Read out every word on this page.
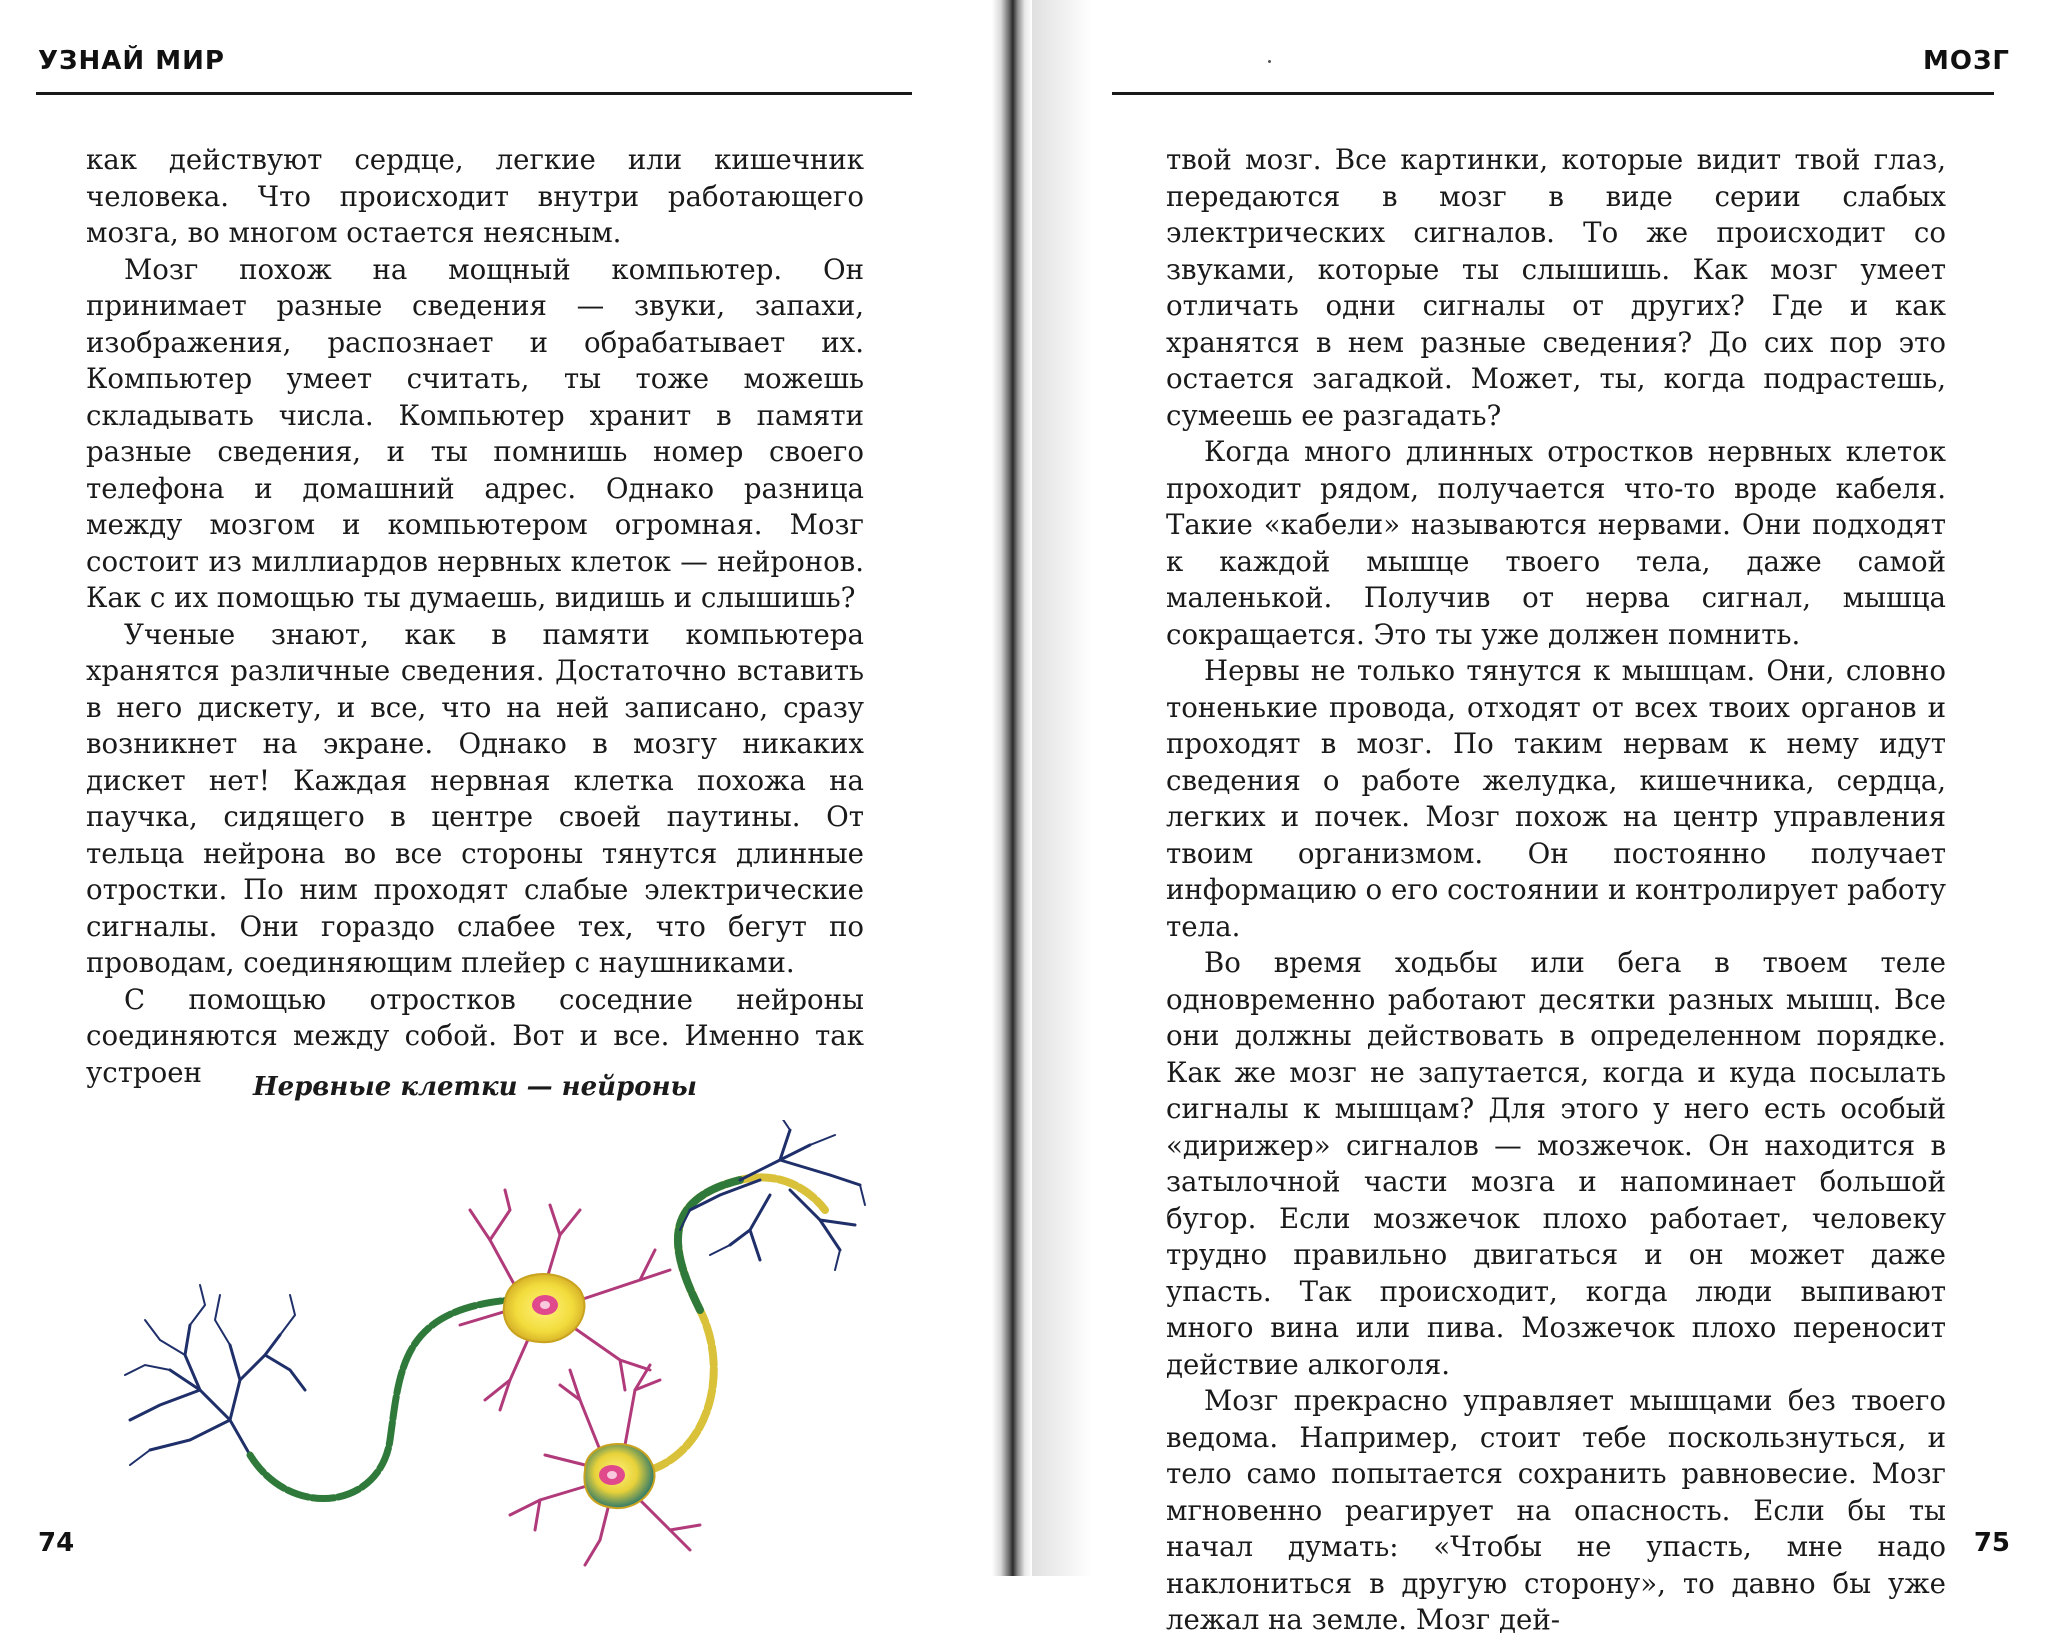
УЗНАЙ МИР

как действуют сердце, легкие или кишечник человека. Что происходит внутри работающего мозга, во многом остается неясным.

Мозг похож на мощный компьютер. Он принимает разные сведения — звуки, запахи, изображения, распознает и обрабатывает их. Компьютер умеет считать, ты тоже можешь складывать числа. Компьютер хранит в памяти разные сведения, и ты помнишь номер своего телефона и домашний адрес. Однако разница между мозгом и компьютером огромная. Мозг состоит из миллиардов нервных клеток — нейронов. Как с их помощью ты думаешь, видишь и слышишь?

Ученые знают, как в памяти компьютера хранятся различные сведения. Достаточно вставить в него дискету, и все, что на ней записано, сразу возникнет на экране. Однако в мозгу никаких дискет нет! Каждая нервная клетка похожа на паучка, сидящего в центре своей паутины. От тельца нейрона во все стороны тянутся длинные отростки. По ним проходят слабые электрические сигналы. Они гораздо слабее тех, что бегут по проводам, соединяющим плейер с наушниками.

С помощью отростков соседние нейроны соединяются между собой. Вот и все. Именно так устроен	Нервные клетки — нейроны
74
МОЗГ

твой мозг. Все картинки, которые видит твой глаз, передаются в мозг в виде серии слабых электрических сигналов. То же происходит со звуками, которые ты слышишь. Как мозг умеет отличать одни сигналы от других? Где и как хранятся в нем разные сведения? До сих пор это остается загадкой. Может, ты, когда подрастешь, сумеешь ее разгадать?

Когда много длинных отростков нервных клеток проходит рядом, получается что-то вроде кабеля. Такие «кабели» называются нервами. Они подходят к каждой мышце твоего тела, даже самой маленькой. Получив от нерва сигнал, мышца сокращается. Это ты уже должен помнить.

Нервы не только тянутся к мышцам. Они, словно тоненькие провода, отходят от всех твоих органов и проходят в мозг. По таким нервам к нему идут сведения о работе желудка, кишечника, сердца, легких и почек. Мозг похож на центр управления твоим организмом. Он постоянно получает информацию о его состоянии и контролирует работу тела.

Во время ходьбы или бега в твоем теле одновременно работают десятки разных мышц. Все они должны действовать в определенном порядке. Как же мозг не запутается, когда и куда посылать сигналы к мышцам? Для этого у него есть особый «дирижер» сигналов — мозжечок. Он находится в затылочной части мозга и напоминает большой бугор. Если мозжечок плохо работает, человеку трудно правильно двигаться и он может даже упасть. Так происходит, когда люди выпивают много вина или пива. Мозжечок плохо переносит действие алкоголя.

Мозг прекрасно управляет мышцами без твоего ведома. Например, стоит тебе поскользнуться, и тело само попытается сохранить равновесие. Мозг мгновенно реагирует на опасность. Если бы ты начал думать: «Чтобы не упасть, мне надо наклониться в другую сторону», то давно бы уже лежал на земле. Мозг дей-

75
